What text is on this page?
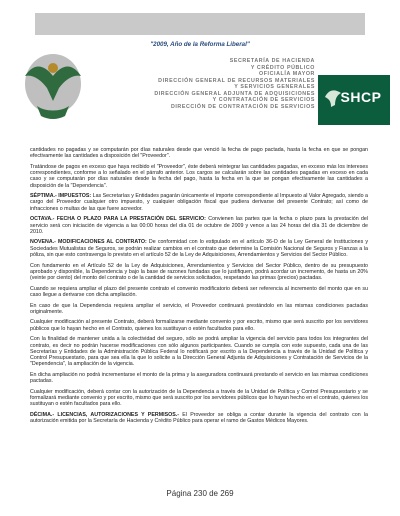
"2009, Año de la Reforma Liberal"
SECRETARÍA DE HACIENDA
Y CRÉDITO PÚBLICO
OFICIALÍA MAYOR
DIRECCIÓN GENERAL DE RECURSOS MATERIALES
Y SERVICIOS GENERALES
DIRECCIÓN GENERAL ADJUNTA DE ADQUISICIONES
Y CONTRATACIÓN DE SERVICIOS
DIRECCIÓN DE CONTRATACIÓN DE SERVICIOS
SHCP

cantidades no pagadas y se computarán por días naturales desde que venció la fecha de pago pactada, hasta la fecha en que se pongan efectivamente las cantidades a disposición del "Proveedor".

Tratándose de pagos en exceso que haya recibido el "Proveedor", éste deberá reintegrar las cantidades pagadas, en exceso más los intereses correspondientes, conforme a lo señalado en el párrafo anterior. Los cargos se calcularán sobre las cantidades pagadas en exceso en cada caso y se computarán por días naturales desde la fecha del pago, hasta la fecha en la que se pongan efectivamente las cantidades a disposición de la "Dependencia".

SÉPTIMA.- IMPUESTOS: Las Secretarías y Entidades pagarán únicamente el importe correspondiente al Impuesto al Valor Agregado, siendo a cargo del Proveedor cualquier otro impuesto, y cualquier obligación fiscal que pudiera derivarse del presente Contrato; así como de infracciones o multas de las que fuere acreedor.

OCTAVA.- FECHA O PLAZO PARA LA PRESTACIÓN DEL SERVICIO: Convienen las partes que la fecha o plazo para la prestación del servicio será con iniciación de vigencia a las 00:00 horas del día 01 de octubre de 2009 y vence a las 24 horas del día 31 de diciembre de 2010.

NOVENA.- MODIFICACIONES AL CONTRATO: De conformidad con lo estipulado en el artículo 36-O de la Ley General de Instituciones y Sociedades Mutualistas de Seguros, se podrán realizar cambios en el contrato que determine la Comisión Nacional de Seguros y Fianzas a la póliza, sin que esto contravenga lo previsto en el artículo 52 de la Ley de Adquisiciones, Arrendamientos y Servicios del Sector Público.

Con fundamento en el Artículo 52 de la Ley de Adquisiciones, Arrendamientos y Servicios del Sector Público, dentro de su presupuesto aprobado y disponible, la Dependencia y bajo la base de razones fundadas que lo justifiquen, podrá acordar un incremento, de hasta un 20% (veinte por ciento) del monto del contrato o de la cantidad de servicios solicitados, respetando las primas (precios) pactadas.

Cuando se requiera ampliar el plazo del presente contrato el convenio modificatorio deberá ser referencia al incremento del monto que en su caso llegue a derivarse con dicha ampliación.

En caso de que la Dependencia requiera ampliar el servicio, el Proveedor continuará prestándolo en las mismas condiciones pactadas originalmente.

Cualquier modificación al presente Contrato, deberá formalizarse mediante convenio y por escrito, mismo que será suscrito por los servidores públicos que lo hayan hecho en el Contrato, quienes los sustituyan o estén facultados para ello.

Con la finalidad de mantener unida a la colectividad del seguro, sólo se podrá ampliar la vigencia del servicio para todos los integrantes del contrato, es decir no podrán hacerse modificaciones con sólo algunos participantes. Cuando se cumpla con este supuesto, cada una de las Secretarías y Entidades de la Administración Pública Federal lo notificará por escrito a la Dependencia a través de la Unidad de Política y Control Presupuestario, para que sea ella la que lo solicite a la Dirección General Adjunta de Adquisiciones y Contratación de Servicios de la "Dependencia", la ampliación de la vigencia.

En dicha ampliación no podrá incrementarse el monto de la prima y la aseguradora continuará prestando el servicio en las mismas condiciones pactadas.

Cualquier modificación, deberá contar con la autorización de la Dependencia a través de la Unidad de Política y Control Presupuestario y se formalizará mediante convenio y por escrito, mismo que será suscrito por los servidores públicos que lo hayan hecho en el contrato, quienes los sustituyan o estén facultados para ello.

DÉCIMA.- LICENCIAS, AUTORIZACIONES Y PERMISOS.- El Proveedor se obliga a contar durante la vigencia del contrato con la autorización emitida por la Secretaría de Hacienda y Crédito Público para operar el ramo de Gastos Médicos Mayores.

Página 230 de 269
